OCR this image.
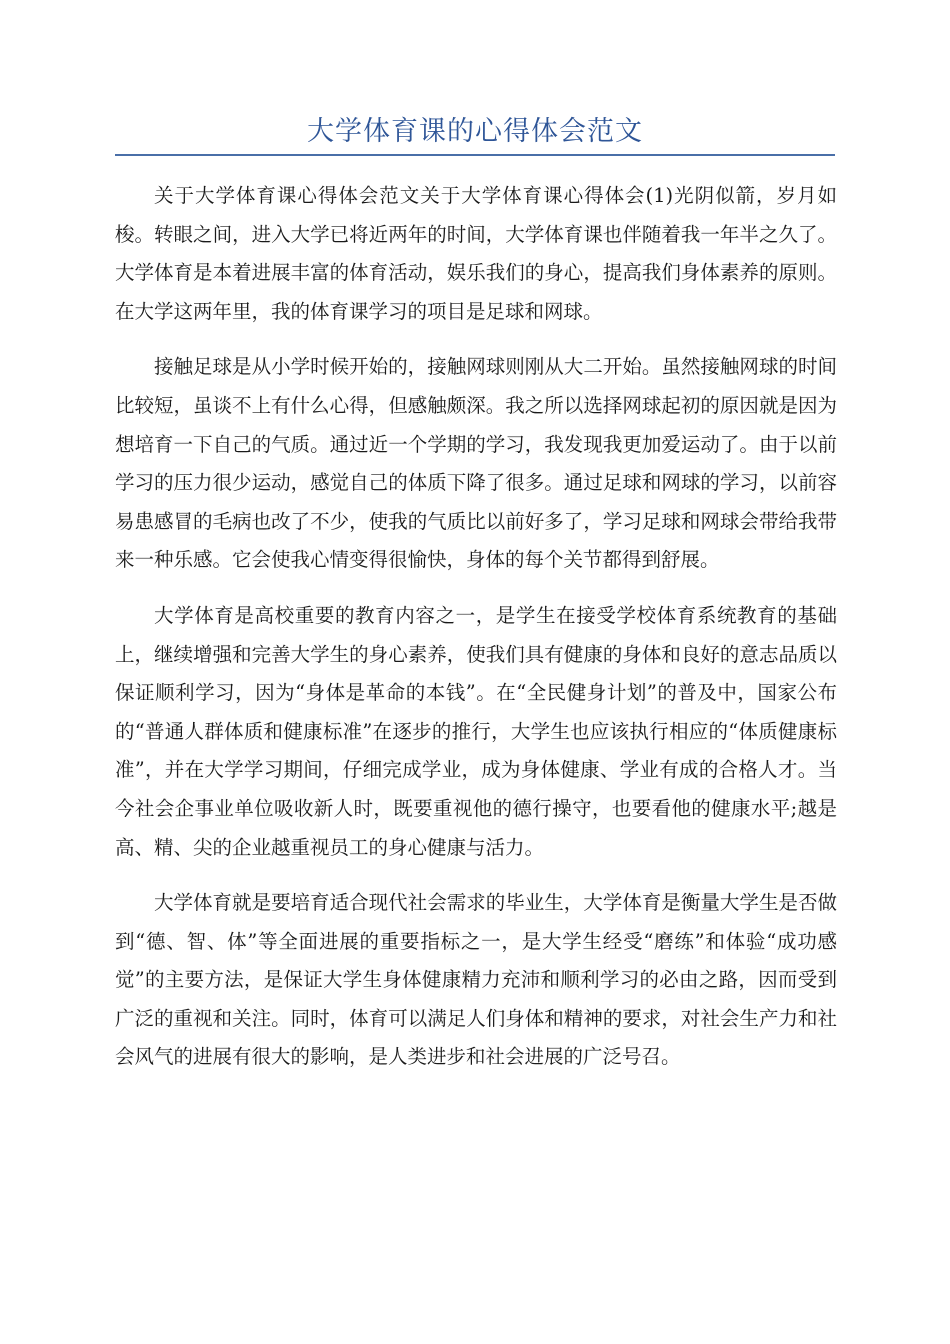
大学体育课的心得体会范文

关于大学体育课心得体会范文关于大学体育课心得体会(1)光阴似箭，岁月如梭。转眼之间，进入大学已将近两年的时间，大学体育课也伴随着我一年半之久了。大学体育是本着进展丰富的体育活动，娱乐我们的身心，提高我们身体素养的原则。在大学这两年里，我的体育课学习的项目是足球和网球。

接触足球是从小学时候开始的，接触网球则刚从大二开始。虽然接触网球的时间比较短，虽谈不上有什么心得，但感触颇深。我之所以选择网球起初的原因就是因为想培育一下自己的气质。通过近一个学期的学习，我发现我更加爱运动了。由于以前学习的压力很少运动，感觉自己的体质下降了很多。通过足球和网球的学习，以前容易患感冒的毛病也改了不少，使我的气质比以前好多了，学习足球和网球会带给我带来一种乐感。它会使我心情变得很愉快，身体的每个关节都得到舒展。

大学体育是高校重要的教育内容之一，是学生在接受学校体育系统教育的基础上，继续增强和完善大学生的身心素养，使我们具有健康的身体和良好的意志品质以保证顺利学习，因为“身体是革命的本钱”。在“全民健身计划”的普及中，国家公布的“普通人群体质和健康标准”在逐步的推行，大学生也应该执行相应的“体质健康标准”，并在大学学习期间，仔细完成学业，成为身体健康、学业有成的合格人才。当今社会企事业单位吸收新人时，既要重视他的德行操守，也要看他的健康水平;越是高、精、尖的企业越重视员工的身心健康与活力。

大学体育就是要培育适合现代社会需求的毕业生，大学体育是衡量大学生是否做到“德、智、体”等全面进展的重要指标之一，是大学生经受“磨练”和体验“成功感觉”的主要方法，是保证大学生身体健康精力充沛和顺利学习的必由之路，因而受到广泛的重视和关注。同时，体育可以满足人们身体和精神的要求，对社会生产力和社会风气的进展有很大的影响，是人类进步和社会进展的广泛号召。
